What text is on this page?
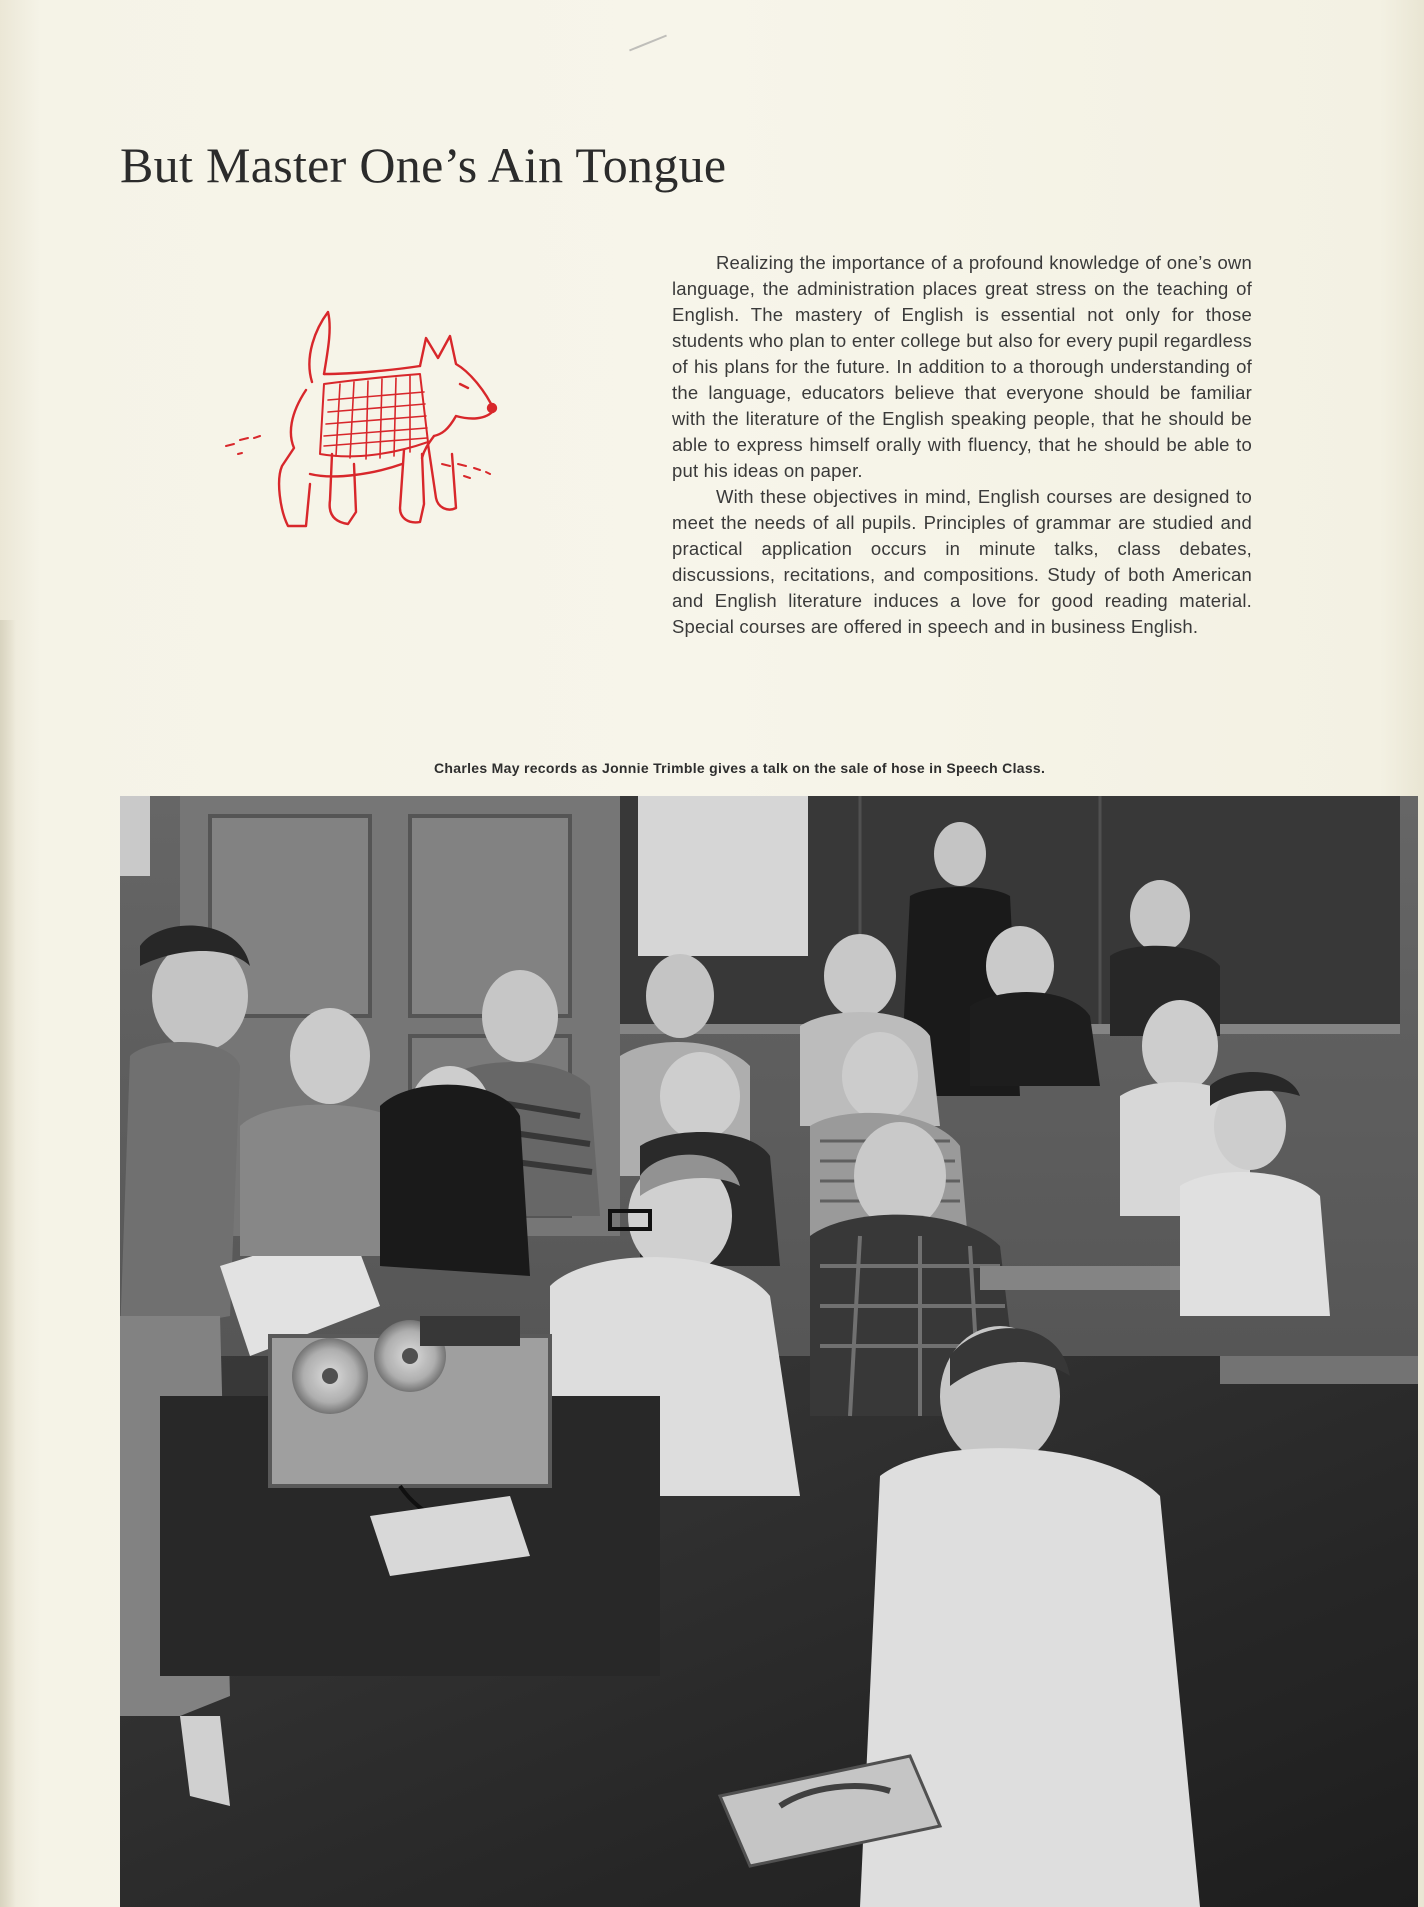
But Master One’s Ain Tongue

Realizing the importance of a profound knowledge of one’s own language, the administration places great stress on the teaching of English. The mastery of English is essential not only for those students who plan to enter college but also for every pupil regardless of his plans for the future. In addition to a thorough understanding of the language, educators believe that everyone should be familiar with the literature of the English speaking people, that he should be able to express himself orally with fluency, that he should be able to put his ideas on paper.

With these objectives in mind, English courses are designed to meet the needs of all pupils. Principles of grammar are studied and practical application occurs in minute talks, class debates, discussions, recitations, and compositions. Study of both American and English literature induces a love for good reading material. Special courses are offered in speech and in business English.

Charles May records as Jonnie Trimble gives a talk on the sale of hose in Speech Class.
